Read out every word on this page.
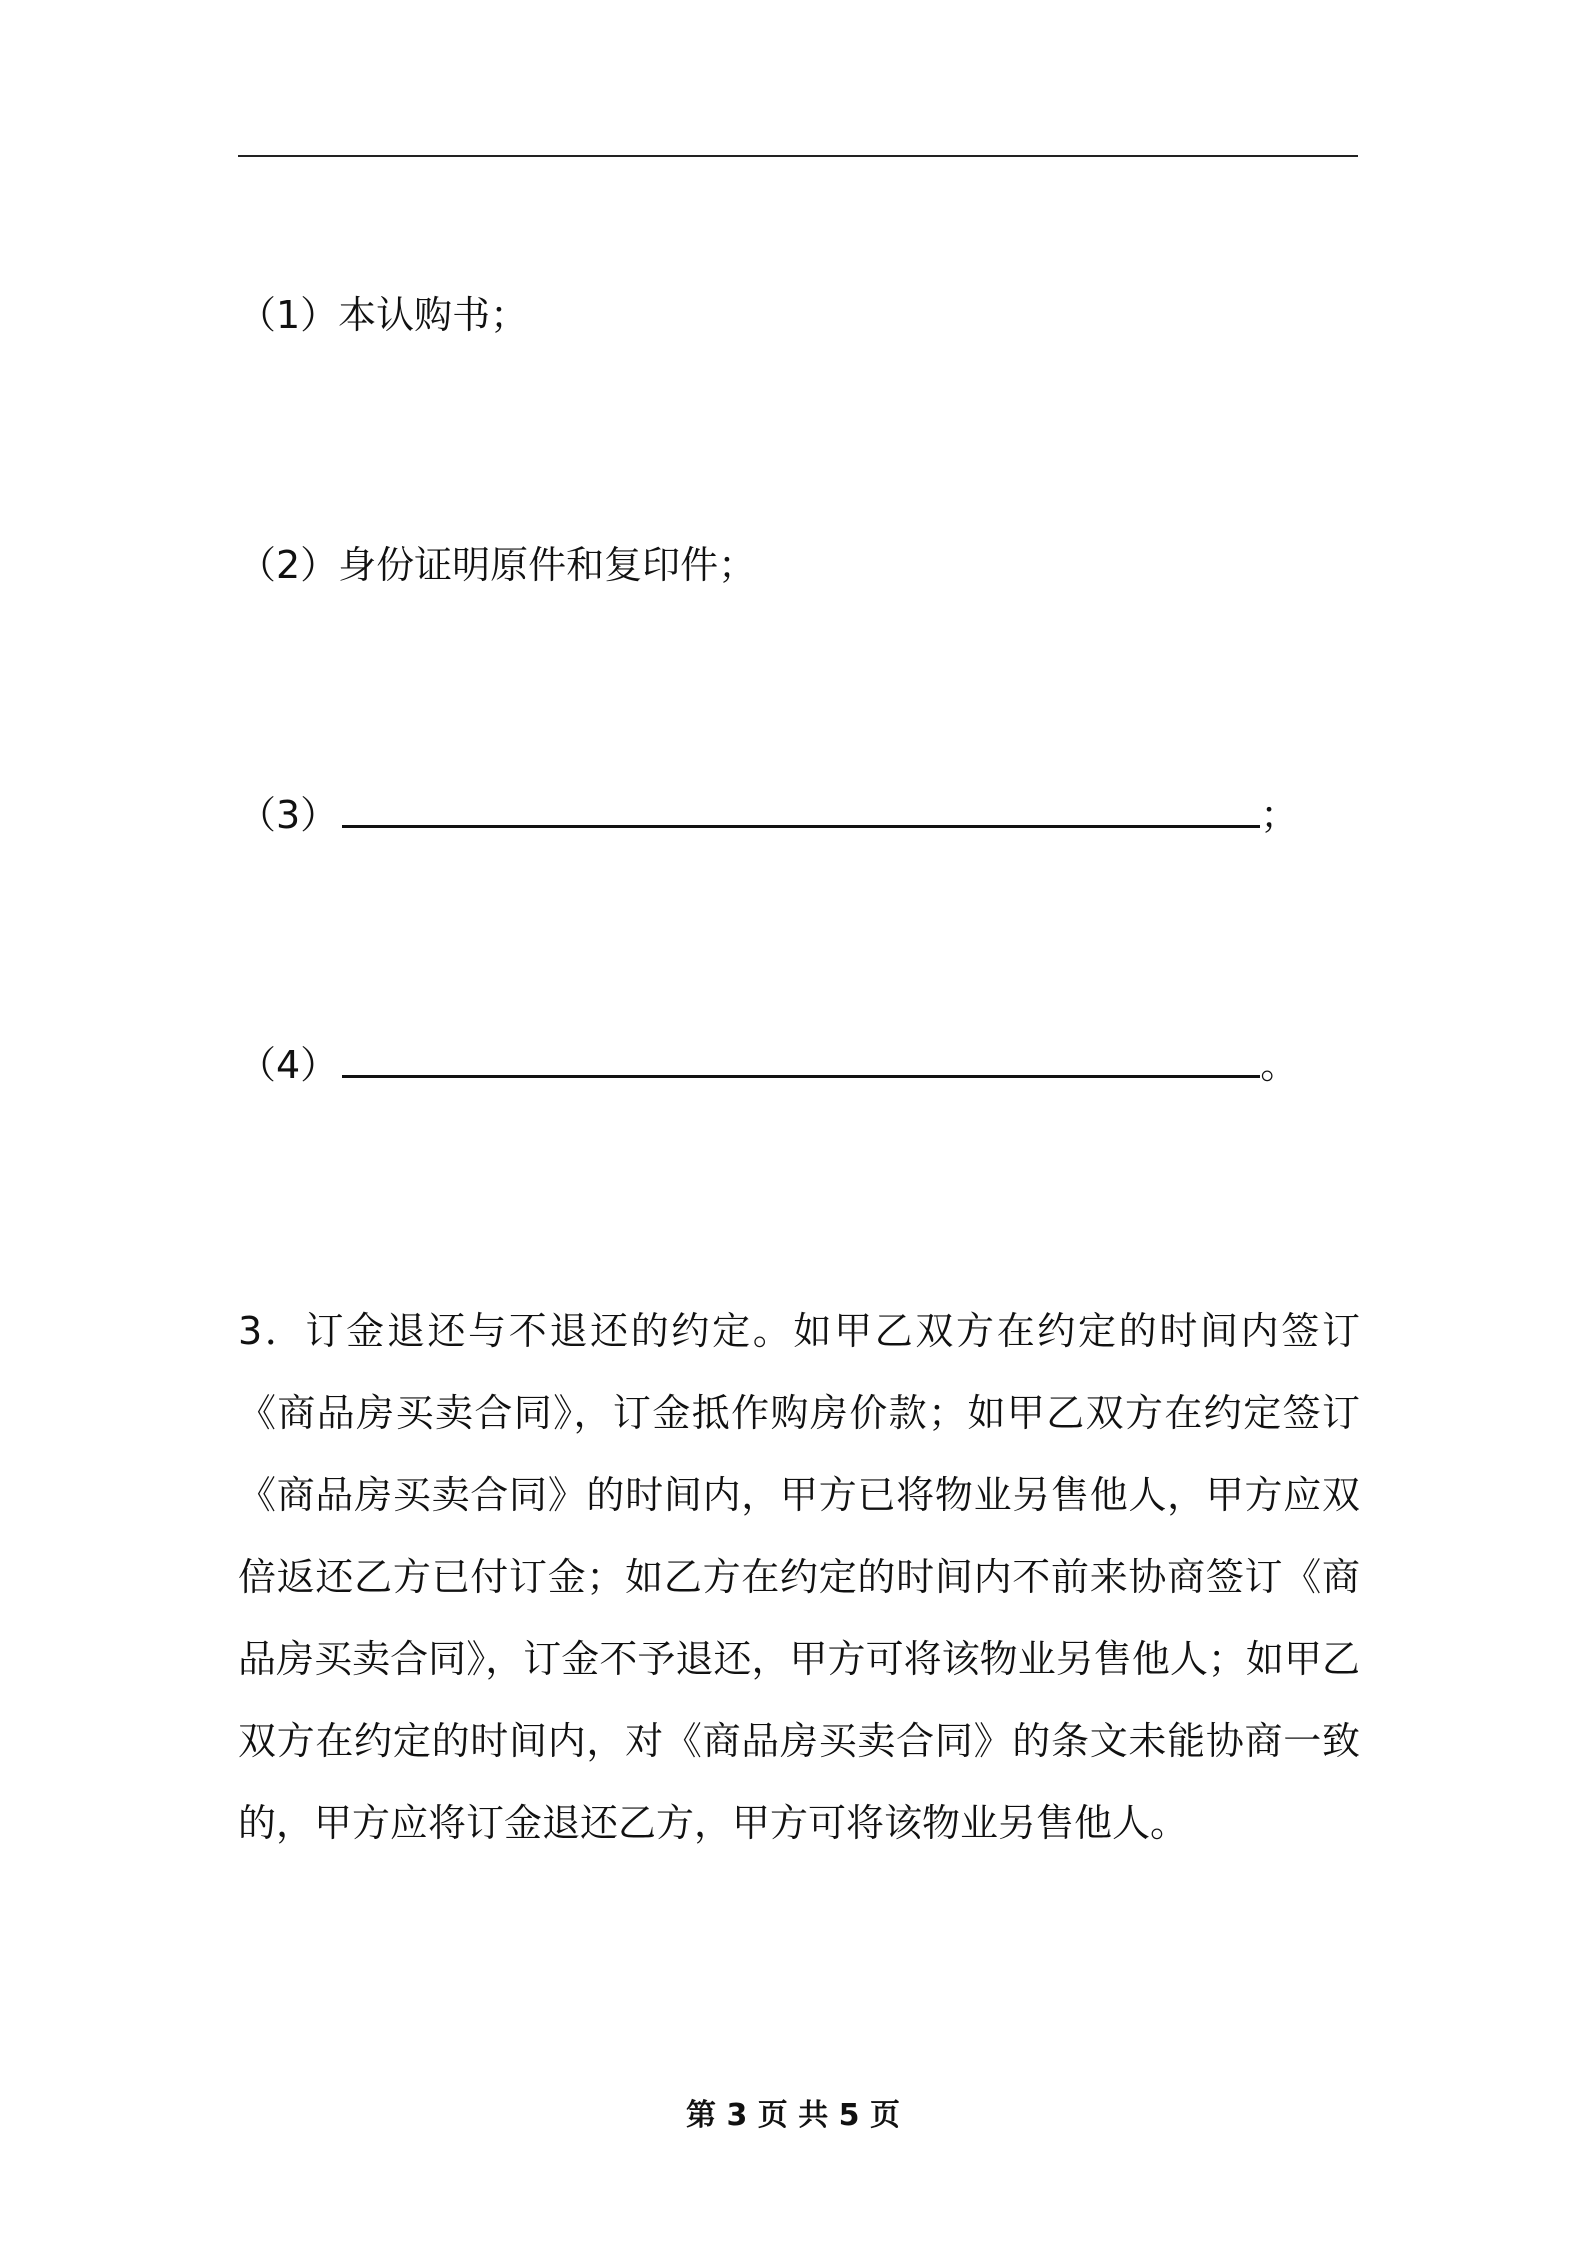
（1）本认购书；
（2）身份证明原件和复印件；
（3）	；
（4）	。
3．订金退还与不退还的约定。如甲乙双方在约定的时间内签订《商品房买卖合同》，订金抵作购房价款；如甲乙双方在约定签订《商品房买卖合同》的时间内，甲方已将物业另售他人，甲方应双倍返还乙方已付订金；如乙方在约定的时间内不前来协商签订《商品房买卖合同》，订金不予退还，甲方可将该物业另售他人；如甲乙双方在约定的时间内，对《商品房买卖合同》的条文未能协商一致的，甲方应将订金退还乙方，甲方可将该物业另售他人。
第 3 页 共 5 页
